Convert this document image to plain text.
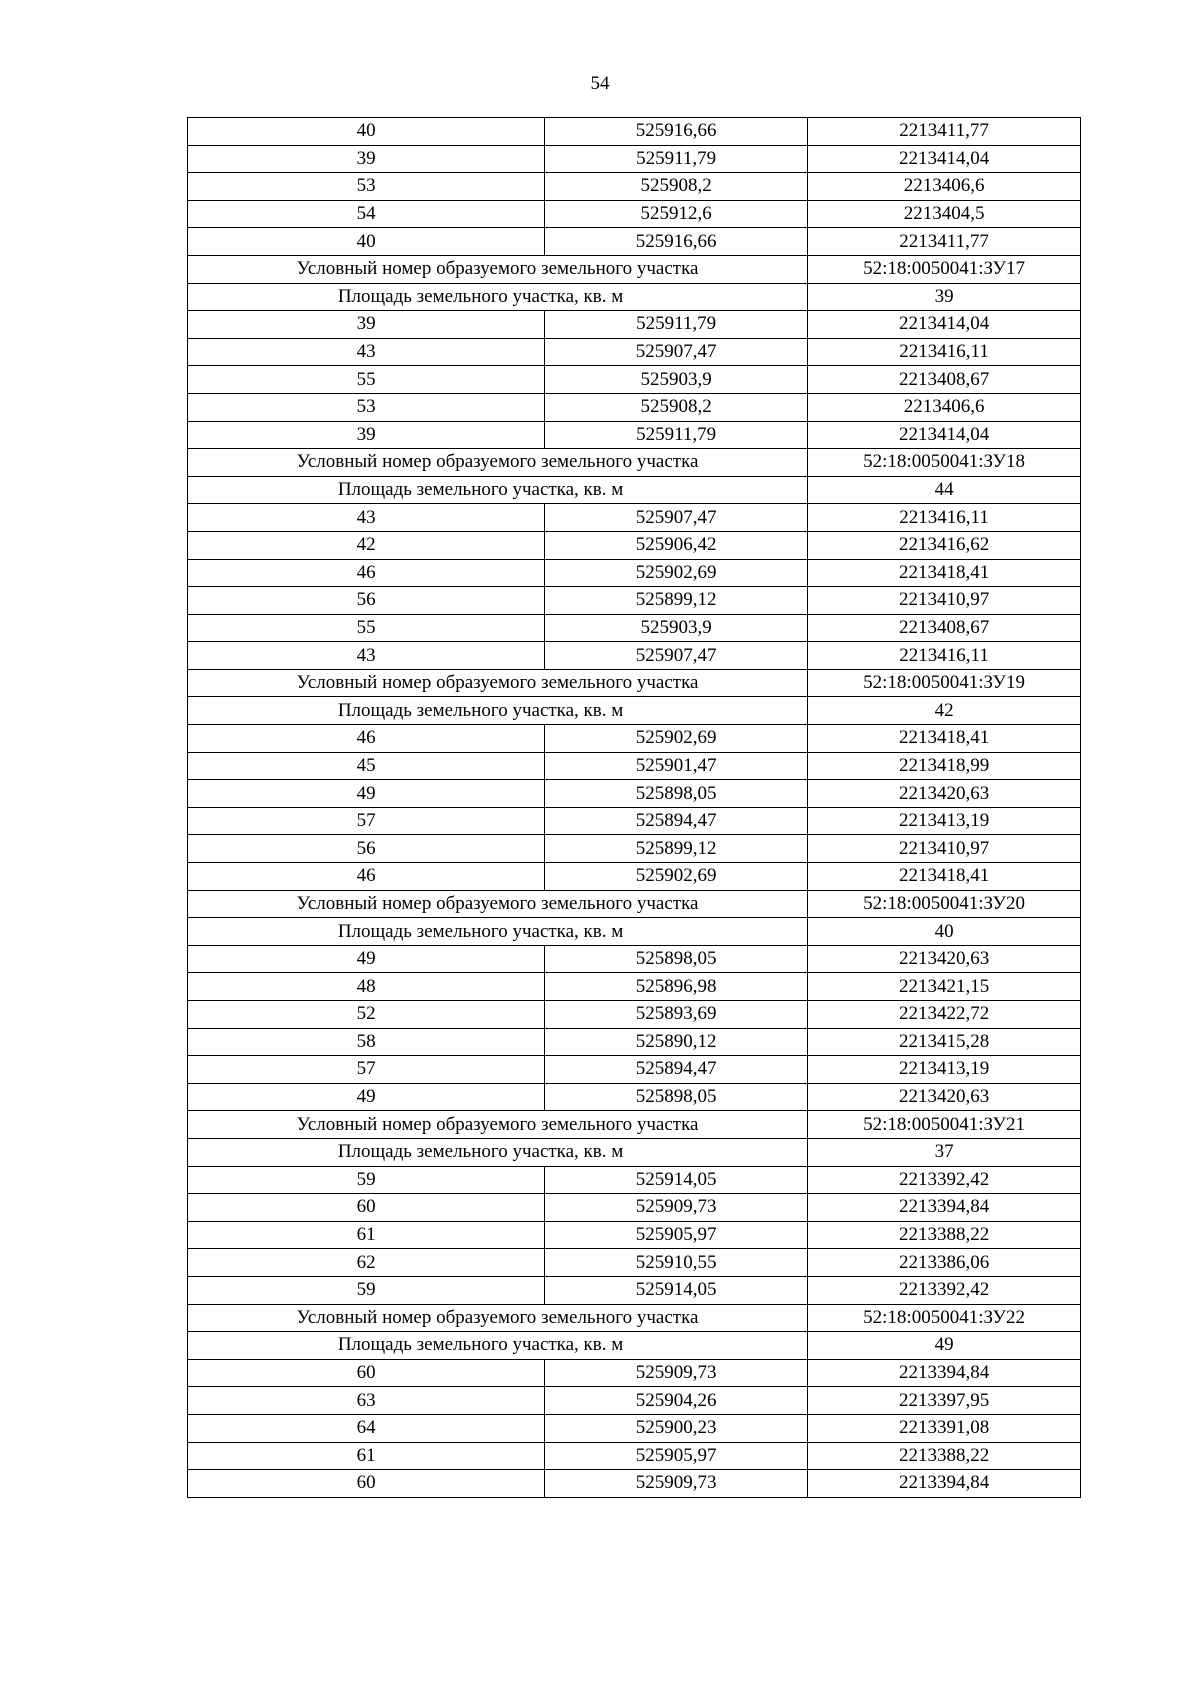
54
40	525916,66	2213411,77
39	525911,79	2213414,04
53	525908,2	2213406,6
54	525912,6	2213404,5
40	525916,66	2213411,77
Условный номер образуемого земельного участка		52:18:0050041:ЗУ17
Площадь земельного участка, кв. м		39
39	525911,79	2213414,04
43	525907,47	2213416,11
55	525903,9	2213408,67
53	525908,2	2213406,6
39	525911,79	2213414,04
Условный номер образуемого земельного участка		52:18:0050041:ЗУ18
Площадь земельного участка, кв. м		44
43	525907,47	2213416,11
42	525906,42	2213416,62
46	525902,69	2213418,41
56	525899,12	2213410,97
55	525903,9	2213408,67
43	525907,47	2213416,11
Условный номер образуемого земельного участка		52:18:0050041:ЗУ19
Площадь земельного участка, кв. м		42
46	525902,69	2213418,41
45	525901,47	2213418,99
49	525898,05	2213420,63
57	525894,47	2213413,19
56	525899,12	2213410,97
46	525902,69	2213418,41
Условный номер образуемого земельного участка		52:18:0050041:ЗУ20
Площадь земельного участка, кв. м		40
49	525898,05	2213420,63
48	525896,98	2213421,15
52	525893,69	2213422,72
58	525890,12	2213415,28
57	525894,47	2213413,19
49	525898,05	2213420,63
Условный номер образуемого земельного участка		52:18:0050041:ЗУ21
Площадь земельного участка, кв. м		37
59	525914,05	2213392,42
60	525909,73	2213394,84
61	525905,97	2213388,22
62	525910,55	2213386,06
59	525914,05	2213392,42
Условный номер образуемого земельного участка		52:18:0050041:ЗУ22
Площадь земельного участка, кв. м		49
60	525909,73	2213394,84
63	525904,26	2213397,95
64	525900,23	2213391,08
61	525905,97	2213388,22
60	525909,73	2213394,84
